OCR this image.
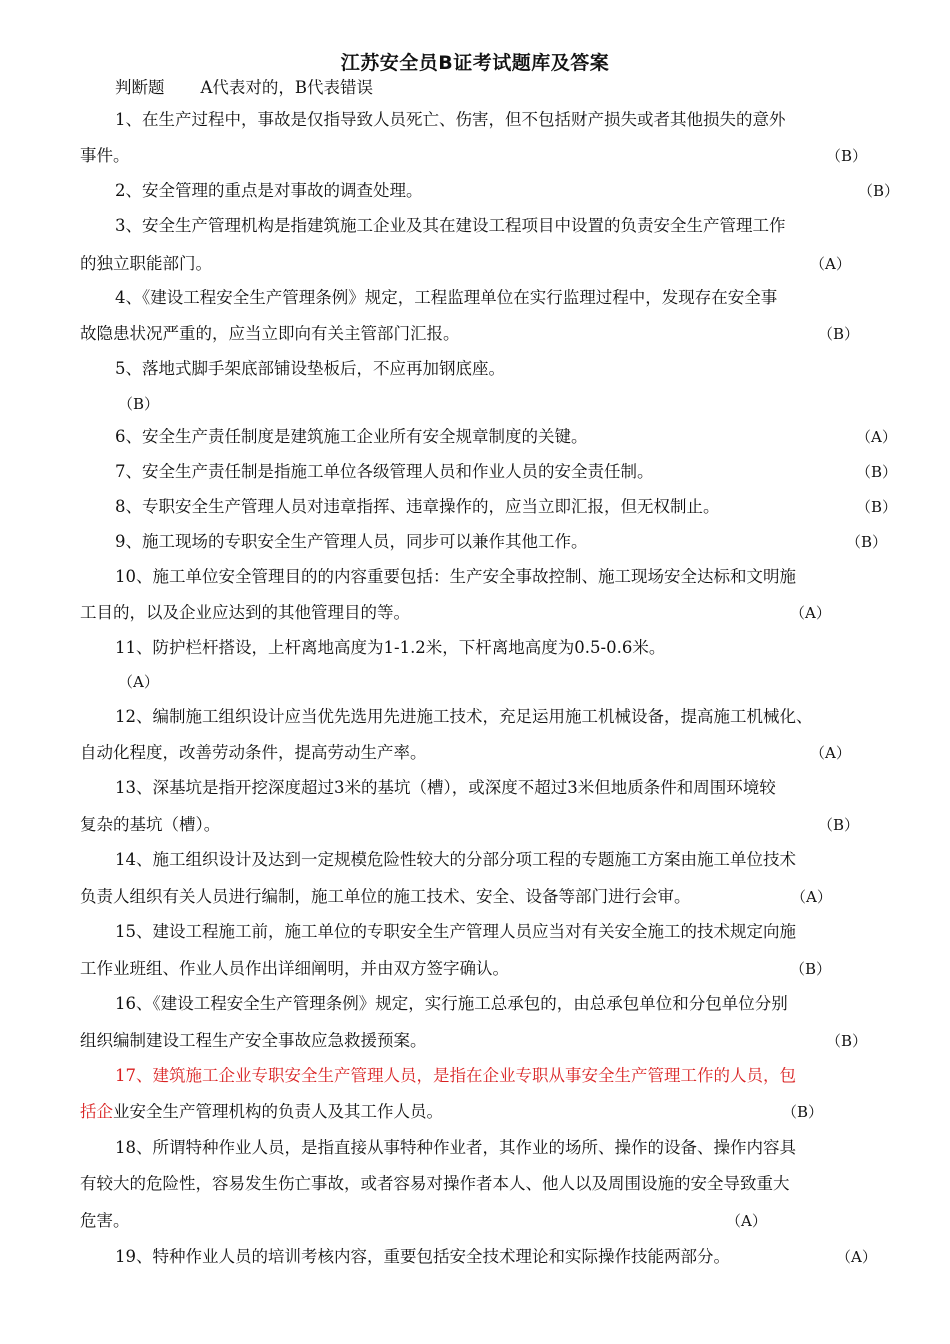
江苏安全员B证考试题库及答案
判断题 A代表对的，B代表错误
1、在生产过程中，事故是仅指导致人员死亡、伤害，但不包括财产损失或者其他损失的意外
事件。	（B）
2、安全管理的重点是对事故的调查处理。	（B）
3、安全生产管理机构是指建筑施工企业及其在建设工程项目中设置的负责安全生产管理工作
的独立职能部门。	（A）
4、《建设工程安全生产管理条例》规定，工程监理单位在实行监理过程中，发现存在安全事
故隐患状况严重的，应当立即向有关主管部门汇报。	（B）
5、落地式脚手架底部铺设垫板后，不应再加钢底座。
（B）
6、安全生产责任制度是建筑施工企业所有安全规章制度的关键。	（A）
7、安全生产责任制是指施工单位各级管理人员和作业人员的安全责任制。	（B）
8、专职安全生产管理人员对违章指挥、违章操作的，应当立即汇报，但无权制止。	（B）
9、施工现场的专职安全生产管理人员，同步可以兼作其他工作。	（B）
10、施工单位安全管理目的的内容重要包括：生产安全事故控制、施工现场安全达标和文明施
工目的，以及企业应达到的其他管理目的等。	（A）
11、防护栏杆搭设，上杆离地高度为1-1.2米，下杆离地高度为0.5-0.6米。
（A）
12、编制施工组织设计应当优先选用先进施工技术，充足运用施工机械设备，提高施工机械化、
自动化程度，改善劳动条件，提高劳动生产率。	（A）
13、深基坑是指开挖深度超过3米的基坑（槽），或深度不超过3米但地质条件和周围环境较
复杂的基坑（槽）。	（B）
14、施工组织设计及达到一定规模危险性较大的分部分项工程的专题施工方案由施工单位技术
负责人组织有关人员进行编制，施工单位的施工技术、安全、设备等部门进行会审。	（A）
15、建设工程施工前，施工单位的专职安全生产管理人员应当对有关安全施工的技术规定向施
工作业班组、作业人员作出详细阐明，并由双方签字确认。	（B）
16、《建设工程安全生产管理条例》规定，实行施工总承包的，由总承包单位和分包单位分别
组织编制建设工程生产安全事故应急救援预案。	（B）
17、建筑施工企业专职安全生产管理人员，是指在企业专职从事安全生产管理工作的人员，包
括企业安全生产管理机构的负责人及其工作人员。	（B）
18、所谓特种作业人员，是指直接从事特种作业者，其作业的场所、操作的设备、操作内容具
有较大的危险性，容易发生伤亡事故，或者容易对操作者本人、他人以及周围设施的安全导致重大
危害。	（A）
19、特种作业人员的培训考核内容，重要包括安全技术理论和实际操作技能两部分。	（A）
